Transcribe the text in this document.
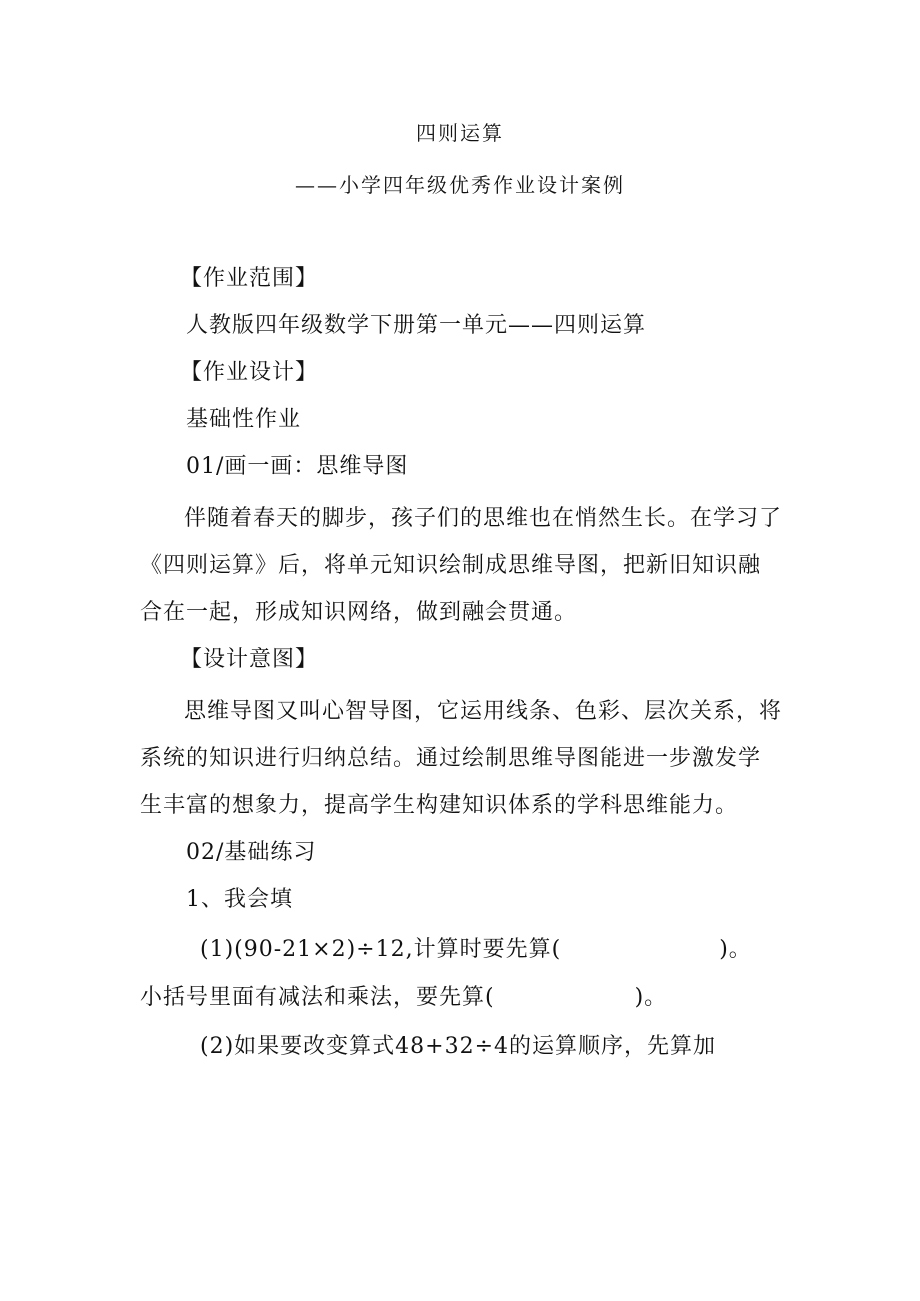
四则运算
——小学四年级优秀作业设计案例
【作业范围】
人教版四年级数学下册第一单元——四则运算
【作业设计】
基础性作业
01/画一画：思维导图

伴随着春天的脚步，孩子们的思维也在悄然生长。在学习了《四则运算》后，将单元知识绘制成思维导图，把新旧知识融合在一起，形成知识网络，做到融会贯通。

【设计意图】

思维导图又叫心智导图，它运用线条、色彩、层次关系，将系统的知识进行归纳总结。通过绘制思维导图能进一步激发学生丰富的想象力，提高学生构建知识体系的学科思维能力。

02/基础练习
1、我会填
(1)(90-21×2)÷12,计算时要先算(	)。
小括号里面有减法和乘法，要先算(	)。
(2)如果要改变算式48+32÷4的运算顺序，先算加
